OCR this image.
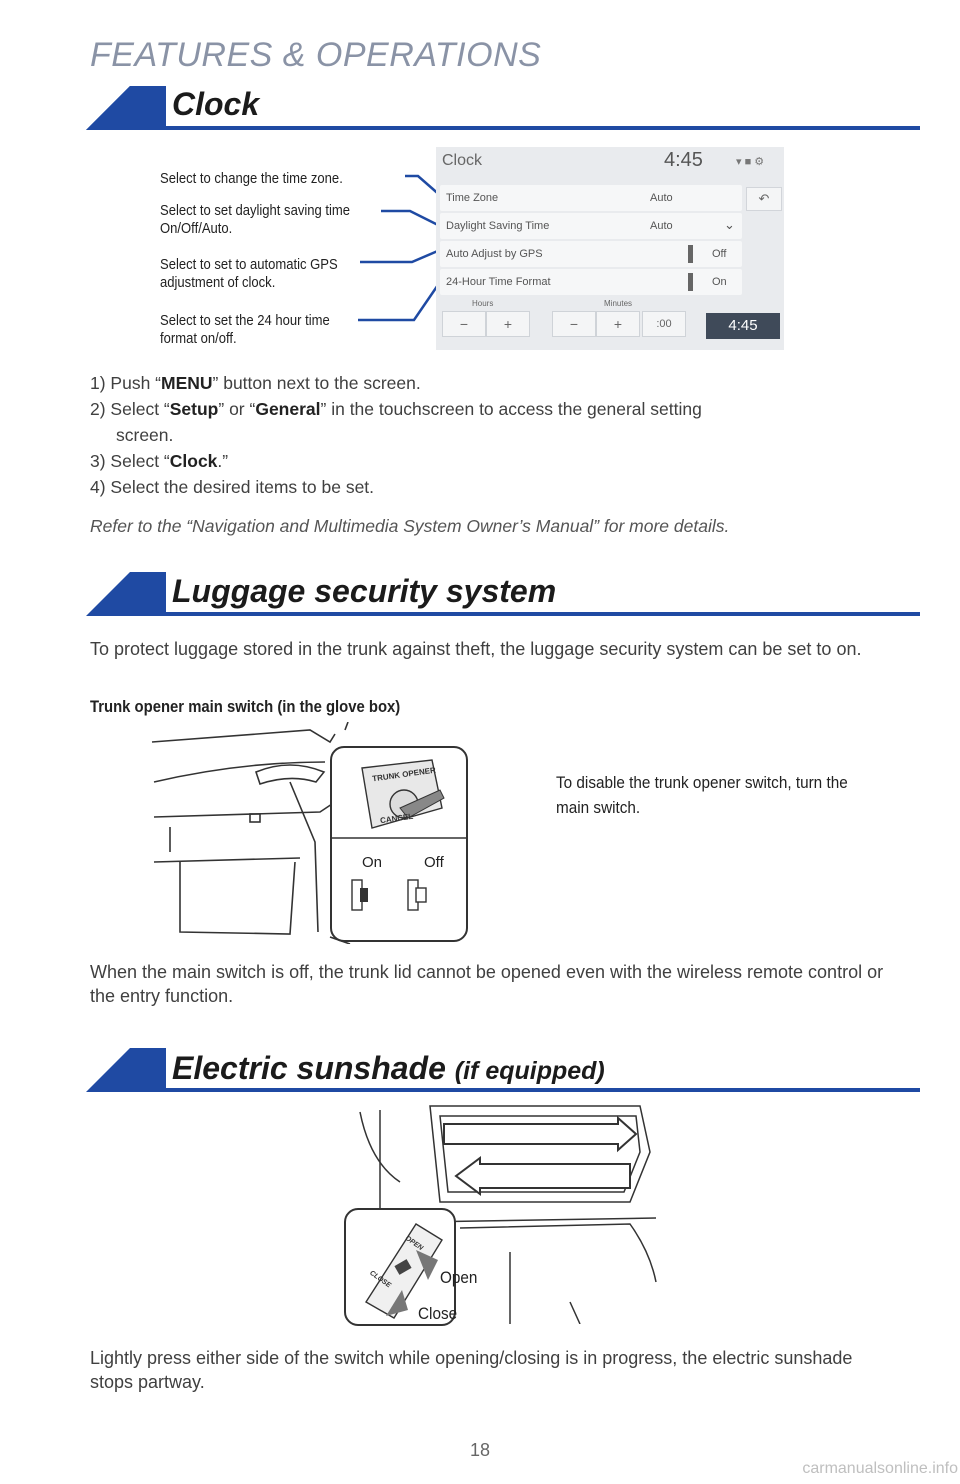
FEATURES & OPERATIONS
Clock
Select to change the time zone.
Select to set daylight saving time On/Off/Auto.
Select to set to automatic GPS adjustment of clock.
Select to set the 24 hour time format on/off.
Clock	4:45	▾ ■ ⚙
↶
Time Zone	Auto
Daylight Saving Time	Auto	⌄
Auto Adjust by GPS	Off
24-Hour Time Format	On
Hours	Minutes
−	+	−	+	:00	4:45
1) Push “MENU” button next to the screen.
2) Select “Setup” or “General” in the touchscreen to access the general setting
screen.
3) Select “Clock.”
4) Select the desired items to be set.
Refer to the “Navigation and Multimedia System Owner’s Manual” for more details.
Luggage security system
To protect luggage stored in the trunk against theft, the luggage security system can be set to on.
Trunk opener main switch (in the glove box)
TRUNK OPENER
CANCEL
On	Off
To disable the trunk opener switch, turn the main switch.
When the main switch is off, the trunk lid cannot be opened even with the wireless remote control or the entry function.
Electric sunshade (if equipped)
OPEN
CLOSE	Open
Close
Lightly press either side of the switch while opening/closing is in progress, the electric sunshade stops partway.
18
carmanualsonline.info
